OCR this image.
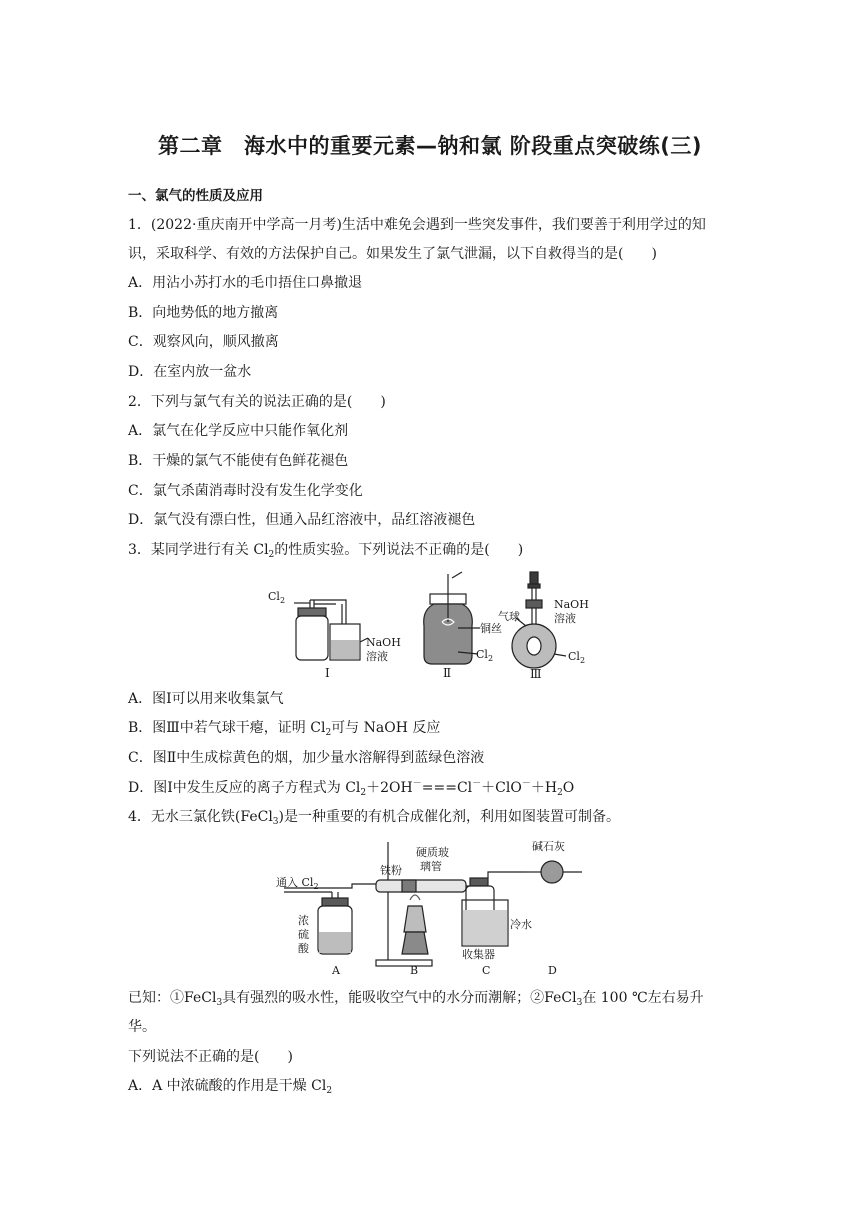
第二章　海水中的重要元素—钠和氯 阶段重点突破练(三)
一、氯气的性质及应用
1．(2022·重庆南开中学高一月考)生活中难免会遇到一些突发事件，我们要善于利用学过的知
识，采取科学、有效的方法保护自己。如果发生了氯气泄漏，以下自救得当的是(　　)
A．用沾小苏打水的毛巾捂住口鼻撤退
B．向地势低的地方撤离
C．观察风向，顺风撤离
D．在室内放一盆水
2．下列与氯气有关的说法正确的是(　　)
A．氯气在化学反应中只能作氧化剂
B．干燥的氯气不能使有色鲜花褪色
C．氯气杀菌消毒时没有发生化学变化
D．氯气没有漂白性，但通入品红溶液中，品红溶液褪色
3．某同学进行有关 $Cl_2$的性质实验。下列说法不正确的是(　　)
$Cl_2$
NaOH
溶液
Ⅰ
铜丝
$Cl_2$
Ⅱ
NaOH
溶液
气球
$Cl_2$
Ⅲ
A．图Ⅰ可以用来收集氯气
B．图Ⅲ中若气球干瘪，证明 $Cl_2$可与 NaOH 反应
C．图Ⅱ中生成棕黄色的烟，加少量水溶解得到蓝绿色溶液
D．图Ⅰ中发生反应的离子方程式为 $Cl_2+2OH^-===Cl^-+ClO^-+H_2O$
4．无水三氯化铁(FeCl$_3$)是一种重要的有机合成催化剂，利用如图装置可制备。
通入 $Cl_2$
铁粉
硬质玻
璃管
碱石灰
浓
硫
酸
冷水
收集器
A	B	C	D
已知：①FeCl$_3$具有强烈的吸水性，能吸收空气中的水分而潮解；②FeCl$_3$在 100 ℃左右易升
华。
下列说法不正确的是(　　)
A．A 中浓硫酸的作用是干燥 $Cl_2$
